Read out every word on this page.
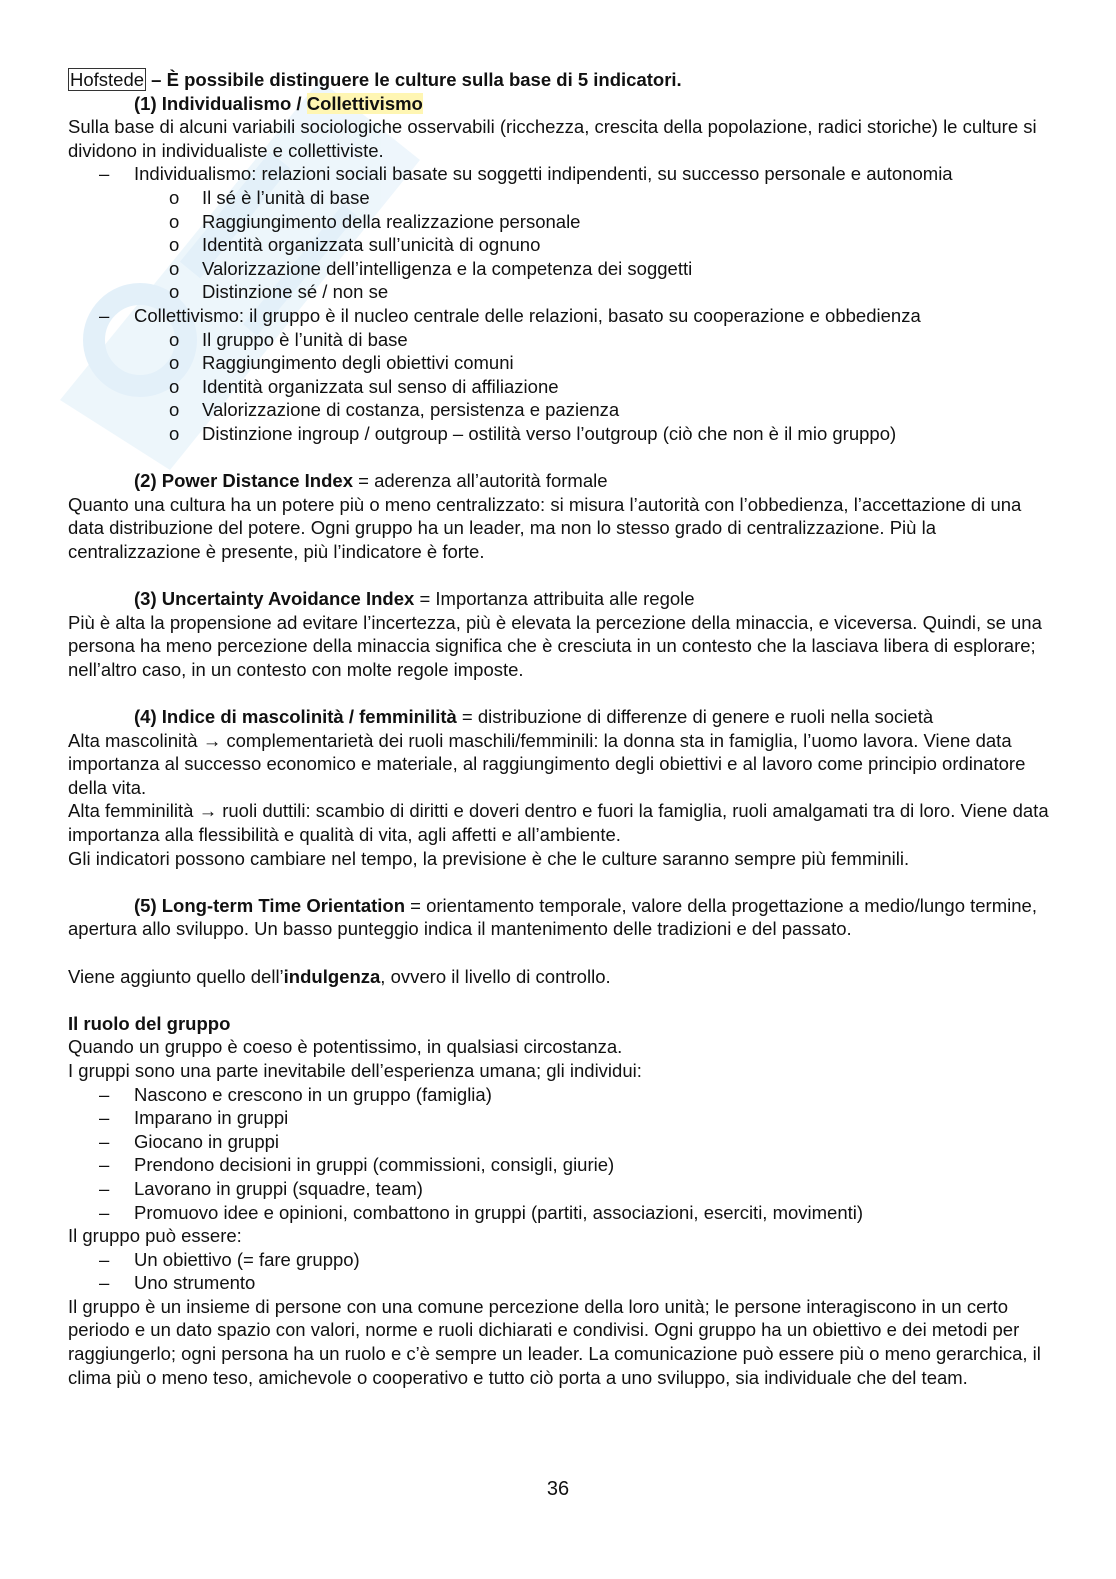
Hofstede – È possibile distinguere le culture sulla base di 5 indicatori.

(1) Individualismo / Collettivismo

Sulla base di alcuni variabili sociologiche osservabili (ricchezza, crescita della popolazione, radici storiche) le culture si dividono in individualiste e collettiviste.

– Individualismo: relazioni sociali basate su soggetti indipendenti, su successo personale e autonomia

o Il sé è l’unità di base

o Raggiungimento della realizzazione personale

o Identità organizzata sull’unicità di ognuno

o Valorizzazione dell’intelligenza e la competenza dei soggetti

o Distinzione sé / non se

– Collettivismo: il gruppo è il nucleo centrale delle relazioni, basato su cooperazione e obbedienza

o Il gruppo è l’unità di base

o Raggiungimento degli obiettivi comuni

o Identità organizzata sul senso di affiliazione

o Valorizzazione di costanza, persistenza e pazienza

o Distinzione ingroup / outgroup – ostilità verso l’outgroup (ciò che non è il mio gruppo)

(2) Power Distance Index = aderenza all’autorità formale

Quanto una cultura ha un potere più o meno centralizzato: si misura l’autorità con l’obbedienza, l’accettazione di una data distribuzione del potere. Ogni gruppo ha un leader, ma non lo stesso grado di centralizzazione. Più la centralizzazione è presente, più l’indicatore è forte.

(3) Uncertainty Avoidance Index = Importanza attribuita alle regole

Più è alta la propensione ad evitare l’incertezza, più è elevata la percezione della minaccia, e viceversa. Quindi, se una persona ha meno percezione della minaccia significa che è cresciuta in un contesto che la lasciava libera di esplorare; nell’altro caso, in un contesto con molte regole imposte.

(4) Indice di mascolinità / femminilità = distribuzione di differenze di genere e ruoli nella società

Alta mascolinità → complementarietà dei ruoli maschili/femminili: la donna sta in famiglia, l’uomo lavora. Viene data importanza al successo economico e materiale, al raggiungimento degli obiettivi e al lavoro come principio ordinatore della vita.

Alta femminilità → ruoli duttili: scambio di diritti e doveri dentro e fuori la famiglia, ruoli amalgamati tra di loro. Viene data importanza alla flessibilità e qualità di vita, agli affetti e all’ambiente.

Gli indicatori possono cambiare nel tempo, la previsione è che le culture saranno sempre più femminili.

(5) Long-term Time Orientation = orientamento temporale, valore della progettazione a medio/lungo termine, apertura allo sviluppo. Un basso punteggio indica il mantenimento delle tradizioni e del passato.

Viene aggiunto quello dell’indulgenza, ovvero il livello di controllo.

Il ruolo del gruppo

Quando un gruppo è coeso è potentissimo, in qualsiasi circostanza.

I gruppi sono una parte inevitabile dell’esperienza umana; gli individui:

– Nascono e crescono in un gruppo (famiglia)

– Imparano in gruppi

– Giocano in gruppi

– Prendono decisioni in gruppi (commissioni, consigli, giurie)

– Lavorano in gruppi (squadre, team)

– Promuovo idee e opinioni, combattono in gruppi (partiti, associazioni, eserciti, movimenti)

Il gruppo può essere:

– Un obiettivo (= fare gruppo)

– Uno strumento

Il gruppo è un insieme di persone con una comune percezione della loro unità; le persone interagiscono in un certo periodo e un dato spazio con valori, norme e ruoli dichiarati e condivisi. Ogni gruppo ha un obiettivo e dei metodi per raggiungerlo; ogni persona ha un ruolo e c’è sempre un leader. La comunicazione può essere più o meno gerarchica, il clima più o meno teso, amichevole o cooperativo e tutto ciò porta a uno sviluppo, sia individuale che del team.

36
